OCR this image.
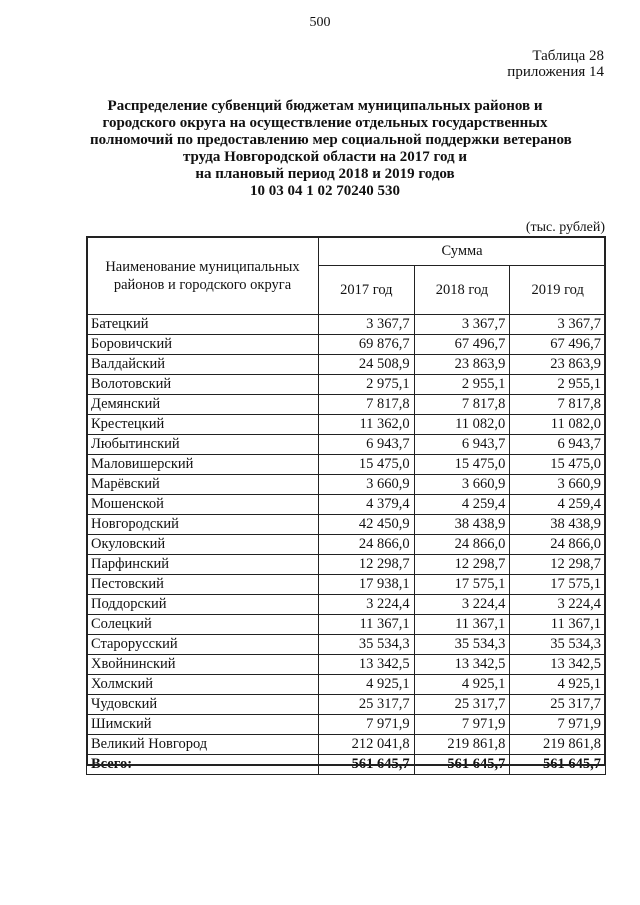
500
Таблица 28
приложения 14
Распределение субвенций бюджетам муниципальных районов и
городского округа на осуществление отдельных государственных
полномочий по предоставлению мер социальной поддержки ветеранов
труда Новгородской области на 2017 год и
на плановый период 2018 и 2019 годов
10 03 04 1 02 70240 530
(тыс. рублей)
Наименование муниципальных районов и городского округа	Сумма		
	2017 год	2018 год	2019 год
Батецкий	3 367,7	3 367,7	3 367,7
Боровичский	69 876,7	67 496,7	67 496,7
Валдайский	24 508,9	23 863,9	23 863,9
Волотовский	2 975,1	2 955,1	2 955,1
Демянский	7 817,8	7 817,8	7 817,8
Крестецкий	11 362,0	11 082,0	11 082,0
Любытинский	6 943,7	6 943,7	6 943,7
Маловишерский	15 475,0	15 475,0	15 475,0
Марёвский	3 660,9	3 660,9	3 660,9
Мошенской	4 379,4	4 259,4	4 259,4
Новгородский	42 450,9	38 438,9	38 438,9
Окуловский	24 866,0	24 866,0	24 866,0
Парфинский	12 298,7	12 298,7	12 298,7
Пестовский	17 938,1	17 575,1	17 575,1
Поддорский	3 224,4	3 224,4	3 224,4
Солецкий	11 367,1	11 367,1	11 367,1
Старорусский	35 534,3	35 534,3	35 534,3
Хвойнинский	13 342,5	13 342,5	13 342,5
Холмский	4 925,1	4 925,1	4 925,1
Чудовский	25 317,7	25 317,7	25 317,7
Шимский	7 971,9	7 971,9	7 971,9
Великий Новгород	212 041,8	219 861,8	219 861,8
Всего:	561 645,7	561 645,7	561 645,7
